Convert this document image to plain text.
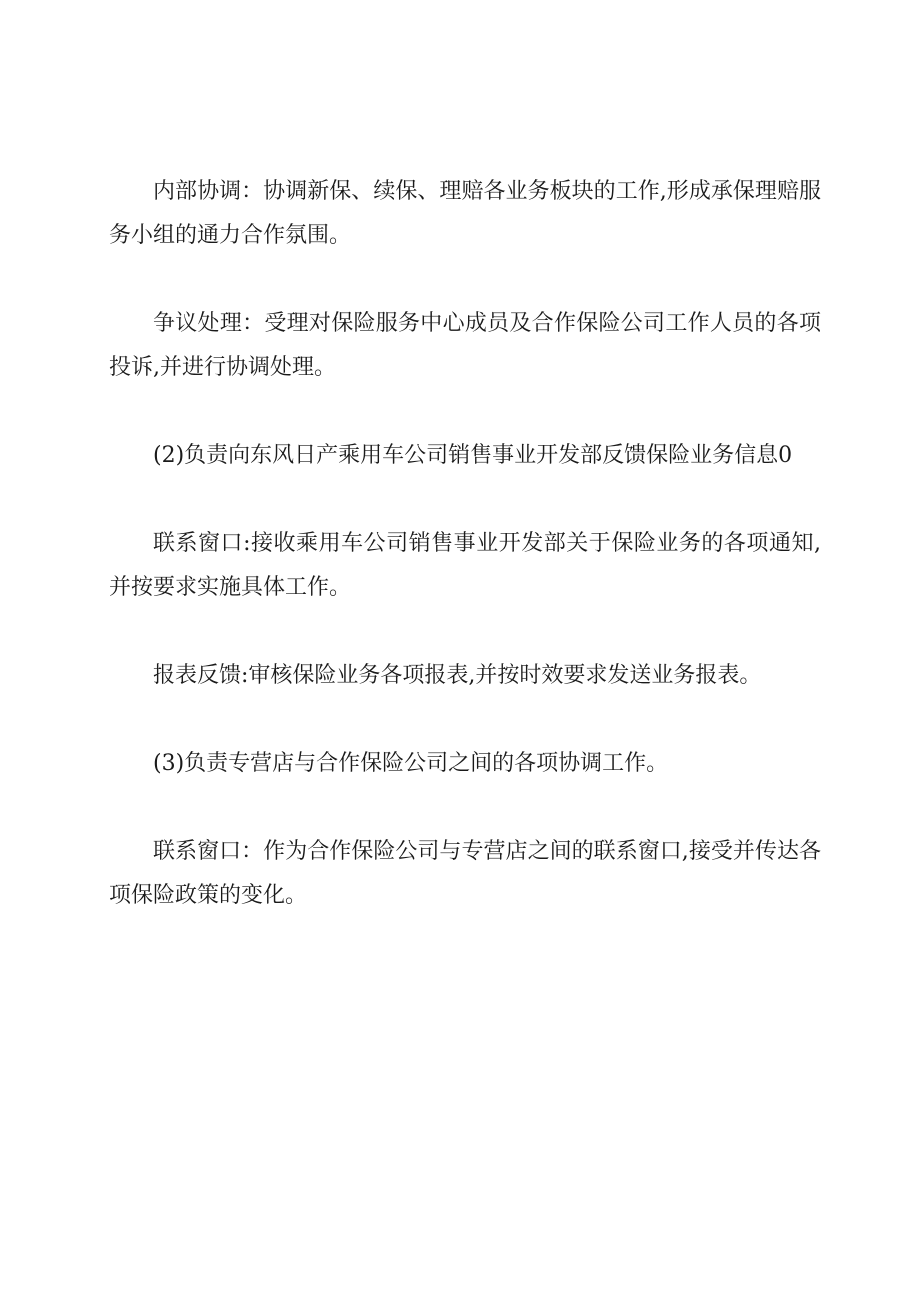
内部协调：协调新保、续保、理赔各业务板块的工作,形成承保理赔服务小组的通力合作氛围。

争议处理：受理对保险服务中心成员及合作保险公司工作人员的各项投诉,并进行协调处理。

(2)负责向东风日产乘用车公司销售事业开发部反馈保险业务信息0

联系窗口:接收乘用车公司销售事业开发部关于保险业务的各项通知,并按要求实施具体工作。

报表反馈:审核保险业务各项报表,并按时效要求发送业务报表。

(3)负责专营店与合作保险公司之间的各项协调工作。

联系窗口：作为合作保险公司与专营店之间的联系窗口,接受并传达各项保险政策的变化。
